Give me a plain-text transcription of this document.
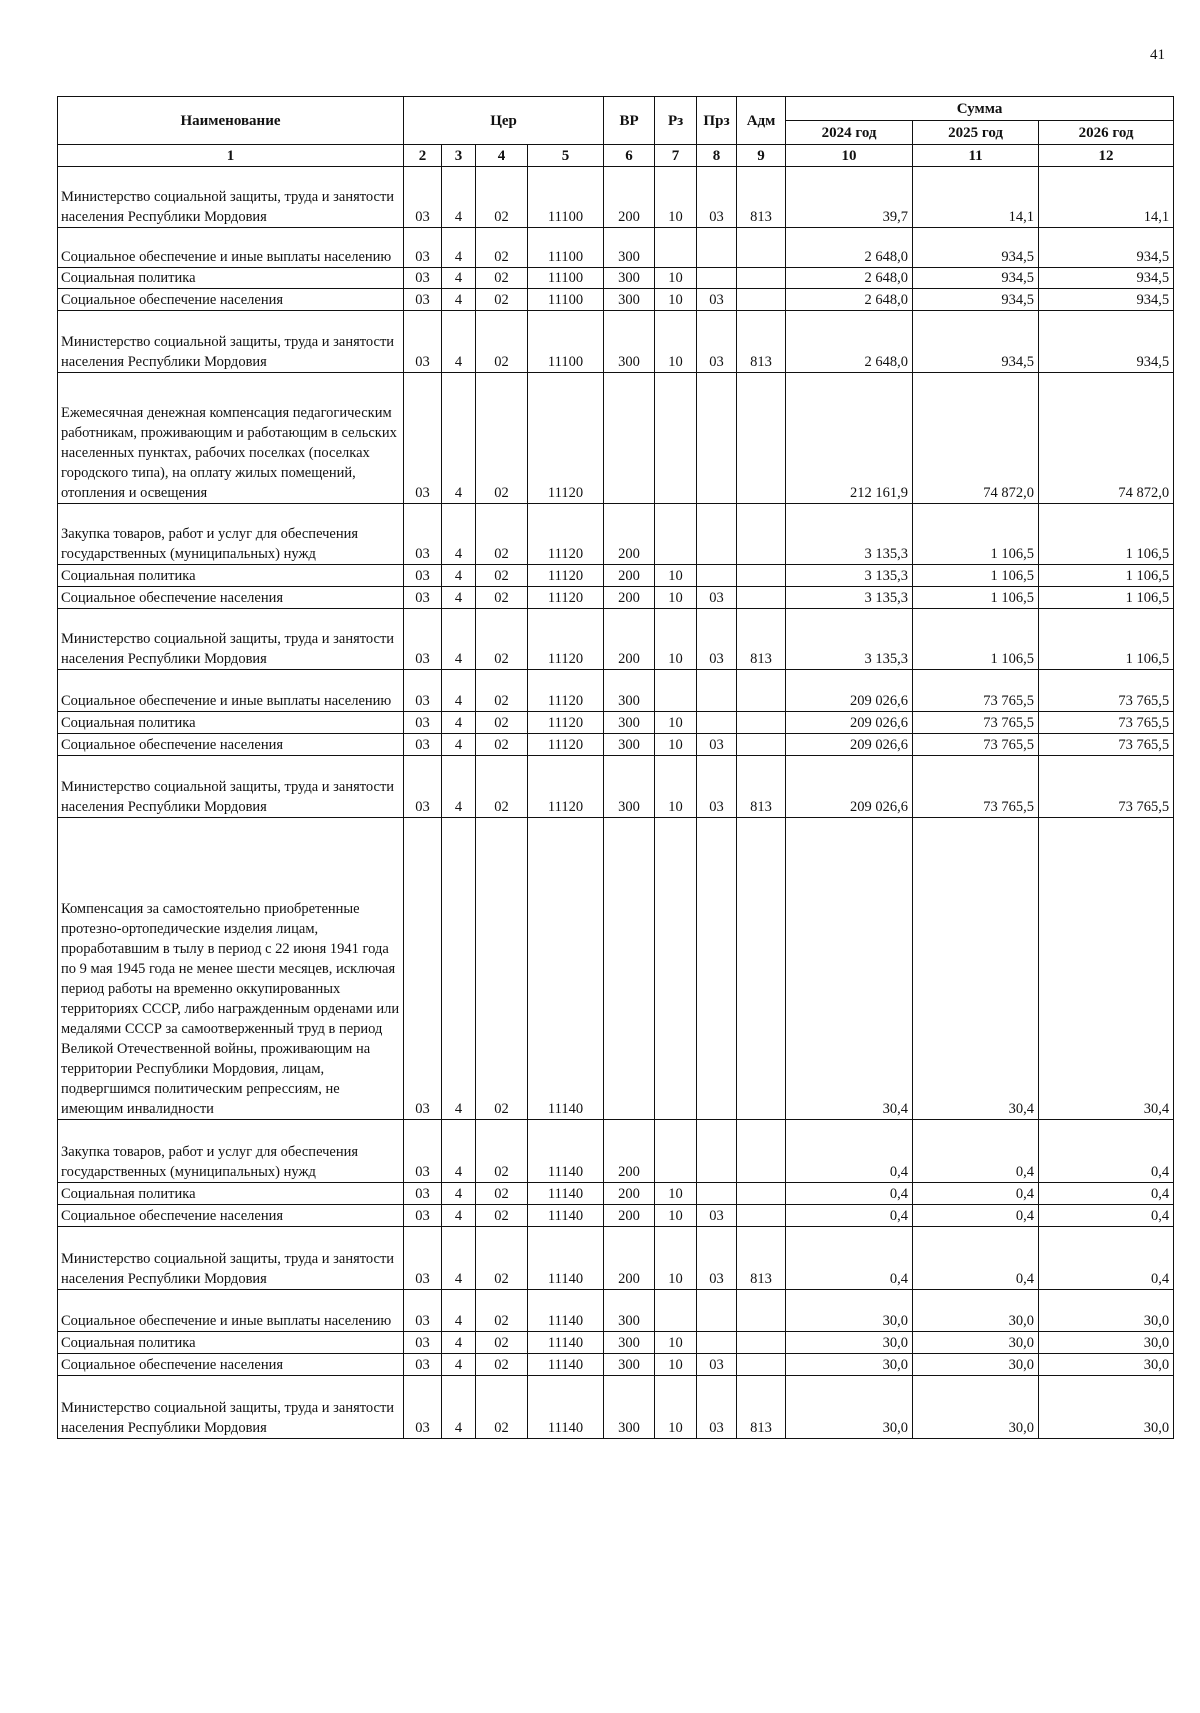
41
Наименование	Цер				ВР	Рз	Прз	Адм	Сумма		
									2024 год	2025 год	2026 год
1	2	3	4	5	6	7	8	9	10	11	12
Министерство социальной защиты, труда и занятости населения Республики Мордовия	03	4	02	11100	200	10	03	813	39,7	14,1	14,1
Социальное обеспечение и иные выплаты населению	03	4	02	11100	300				2 648,0	934,5	934,5
Социальная политика	03	4	02	11100	300	10			2 648,0	934,5	934,5
Социальное обеспечение населения	03	4	02	11100	300	10	03		2 648,0	934,5	934,5
Министерство социальной защиты, труда и занятости населения Республики Мордовия	03	4	02	11100	300	10	03	813	2 648,0	934,5	934,5
Ежемесячная денежная компенсация педагогическим работникам, проживающим и работающим в сельских населенных пунктах, рабочих поселках (поселках городского типа), на оплату жилых помещений, отопления и освещения	03	4	02	11120					212 161,9	74 872,0	74 872,0
Закупка товаров, работ и услуг для обеспечения государственных (муниципальных) нужд	03	4	02	11120	200				3 135,3	1 106,5	1 106,5
Социальная политика	03	4	02	11120	200	10			3 135,3	1 106,5	1 106,5
Социальное обеспечение населения	03	4	02	11120	200	10	03		3 135,3	1 106,5	1 106,5
Министерство социальной защиты, труда и занятости населения Республики Мордовия	03	4	02	11120	200	10	03	813	3 135,3	1 106,5	1 106,5
Социальное обеспечение и иные выплаты населению	03	4	02	11120	300				209 026,6	73 765,5	73 765,5
Социальная политика	03	4	02	11120	300	10			209 026,6	73 765,5	73 765,5
Социальное обеспечение населения	03	4	02	11120	300	10	03		209 026,6	73 765,5	73 765,5
Министерство социальной защиты, труда и занятости населения Республики Мордовия	03	4	02	11120	300	10	03	813	209 026,6	73 765,5	73 765,5
Компенсация за самостоятельно приобретенные протезно-ортопедические изделия лицам, проработавшим в тылу в период с 22 июня 1941 года по 9 мая 1945 года не менее шести месяцев, исключая период работы на временно оккупированных территориях СССР, либо награжденным орденами или медалями СССР за самоотверженный труд в период Великой Отечественной войны, проживающим на территории Республики Мордовия, лицам, подвергшимся политическим репрессиям, не имеющим инвалидности	03	4	02	11140					30,4	30,4	30,4
Закупка товаров, работ и услуг для обеспечения государственных (муниципальных) нужд	03	4	02	11140	200				0,4	0,4	0,4
Социальная политика	03	4	02	11140	200	10			0,4	0,4	0,4
Социальное обеспечение населения	03	4	02	11140	200	10	03		0,4	0,4	0,4
Министерство социальной защиты, труда и занятости населения Республики Мордовия	03	4	02	11140	200	10	03	813	0,4	0,4	0,4
Социальное обеспечение и иные выплаты населению	03	4	02	11140	300				30,0	30,0	30,0
Социальная политика	03	4	02	11140	300	10			30,0	30,0	30,0
Социальное обеспечение населения	03	4	02	11140	300	10	03		30,0	30,0	30,0
Министерство социальной защиты, труда и занятости населения Республики Мордовия	03	4	02	11140	300	10	03	813	30,0	30,0	30,0
